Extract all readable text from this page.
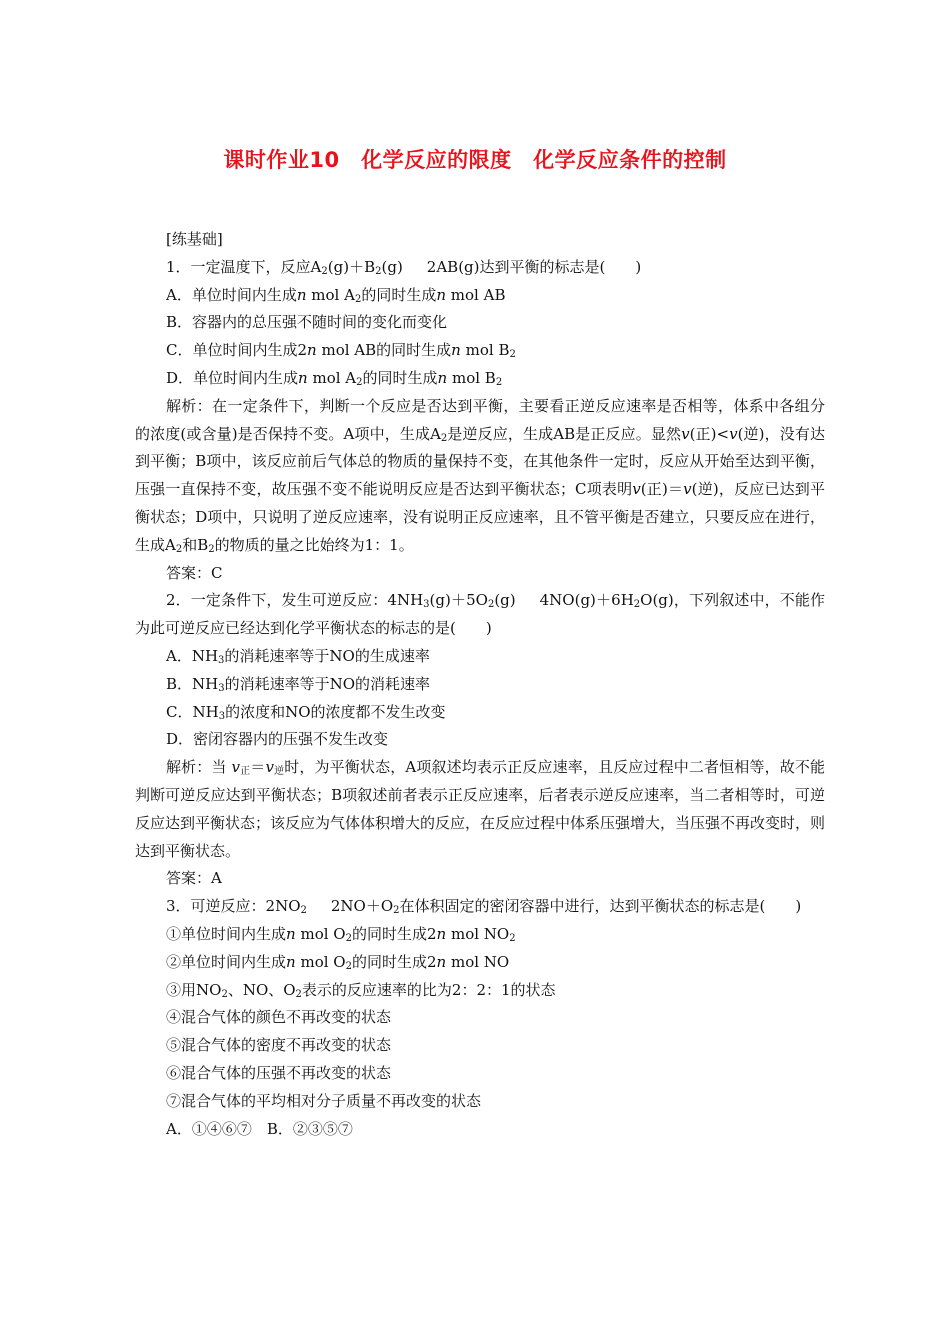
课时作业10　化学反应的限度　化学反应条件的控制
[练基础]
1．一定温度下，反应$A_2(g)+B_2(g)$ 2AB(g)达到平衡的标志是(　　)
A．单位时间内生成n mol $A_2$的同时生成n mol AB
B．容器内的总压强不随时间的变化而变化
C．单位时间内生成2n mol AB的同时生成n mol $B_2$
D．单位时间内生成n mol $A_2$的同时生成n mol $B_2$
解析：在一定条件下，判断一个反应是否达到平衡，主要看正逆反应速率是否相等，体系中各组分的浓度(或含量)是否保持不变。A项中，生成$A_2$是逆反应，生成AB是正反应。显然v(正)<v(逆)，没有达到平衡；B项中，该反应前后气体总的物质的量保持不变，在其他条件一定时，反应从开始至达到平衡，压强一直保持不变，故压强不变不能说明反应是否达到平衡状态；C项表明v(正)＝v(逆)，反应已达到平衡状态；D项中，只说明了逆反应速率，没有说明正反应速率，且不管平衡是否建立，只要反应在进行，生成$A_2$和$B_2$的物质的量之比始终为1：1。
答案：C
2．一定条件下，发生可逆反应：$4NH_3(g)+5O_2(g)$ $4NO(g)+6H_2O(g)$，下列叙述中，不能作为此可逆反应已经达到化学平衡状态的标志的是(　　)
A．$NH_3$的消耗速率等于NO的生成速率
B．$NH_3$的消耗速率等于NO的消耗速率
C．$NH_3$的浓度和NO的浓度都不发生改变
D．密闭容器内的压强不发生改变
解析：当 $v_正=v_逆$时，为平衡状态，A项叙述均表示正反应速率，且反应过程中二者恒相等，故不能判断可逆反应达到平衡状态；B项叙述前者表示正反应速率，后者表示逆反应速率，当二者相等时，可逆反应达到平衡状态；该反应为气体体积增大的反应，在反应过程中体系压强增大，当压强不再改变时，则达到平衡状态。
答案：A
3．可逆反应：$2NO_2$ $2NO+O_2$在体积固定的密闭容器中进行，达到平衡状态的标志是(　　)
①单位时间内生成n mol $O_2$的同时生成2n mol $NO_2$
②单位时间内生成n mol $O_2$的同时生成2n mol NO
③用$NO_2$、NO、$O_2$表示的反应速率的比为2：2：1的状态
④混合气体的颜色不再改变的状态
⑤混合气体的密度不再改变的状态
⑥混合气体的压强不再改变的状态
⑦混合气体的平均相对分子质量不再改变的状态
A．①④⑥⑦　B．②③⑤⑦
